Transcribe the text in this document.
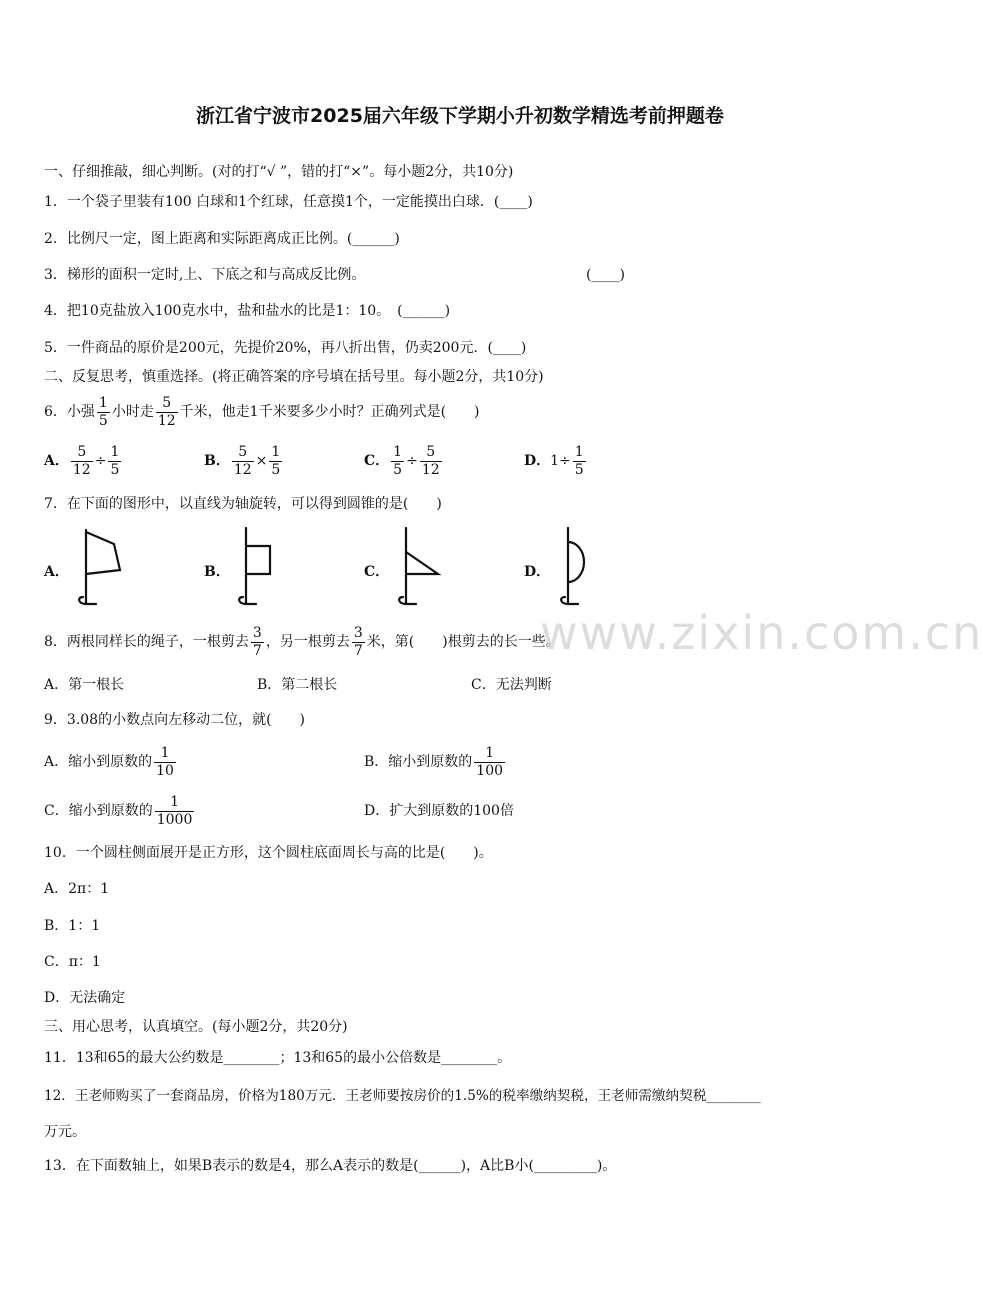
浙江省宁波市2025届六年级下学期小升初数学精选考前押题卷
一、仔细推敲，细心判断。(对的打“√ ”，错的打“×”。每小题2分，共10分)
1．一个袋子里装有100 白球和1个红球，任意摸1个，一定能摸出白球．(____)
2．比例尺一定，图上距离和实际距离成正比例。(______)
3．梯形的面积一定时,上、下底之和与高成反比例。	(____)
4．把10克盐放入100克水中，盐和盐水的比是1：10。　(______)
5．一件商品的原价是200元，先提价20%，再八折出售，仍卖200元．(____)
二、反复思考，慎重选择。(将正确答案的序号填在括号里。每小题2分，共10分)
6．小强 $\frac{1}{5}$ 小时走 $\frac{5}{12}$ 千米，他走1千米要多少小时？正确列式是(　　)
A． $\frac{5}{12} \div \frac{1}{5}$	B． $\frac{5}{12} \times \frac{1}{5}$	C． $\frac{1}{5} \div \frac{5}{12}$	D．$1\div \frac{1}{5}$
7．在下面的图形中，以直线为轴旋转，可以得到圆锥的是(　　)
A．	B．	C．	D．
8．两根同样长的绳子，一根剪去 $\frac{3}{7}$ ，另一根剪去 $\frac{3}{7}$ 米，第(　　)根剪去的长一些。
A．第一根长	B．第二根长	C．无法判断
9．3.08的小数点向左移动二位，就(　　)
A．缩小到原数的 $\frac{1}{10}$	B．缩小到原数的 $\frac{1}{100}$
C．缩小到原数的 $\frac{1}{1000}$	D．扩大到原数的100倍
10．一个圆柱侧面展开是正方形，这个圆柱底面周长与高的比是(　　)。
A．2π：1
B．1：1
C．π：1
D．无法确定
三、用心思考，认真填空。(每小题2分，共20分)
11．13和65的最大公约数是________；13和65的最小公倍数是________。
12．王老师购买了一套商品房，价格为180万元．王老师要按房价的1.5%的税率缴纳契税，王老师需缴纳契税________
万元。
13．在下面数轴上，如果B表示的数是4，那么A表示的数是(______)，A比B小(_________)。
www.zixin.com.cn
